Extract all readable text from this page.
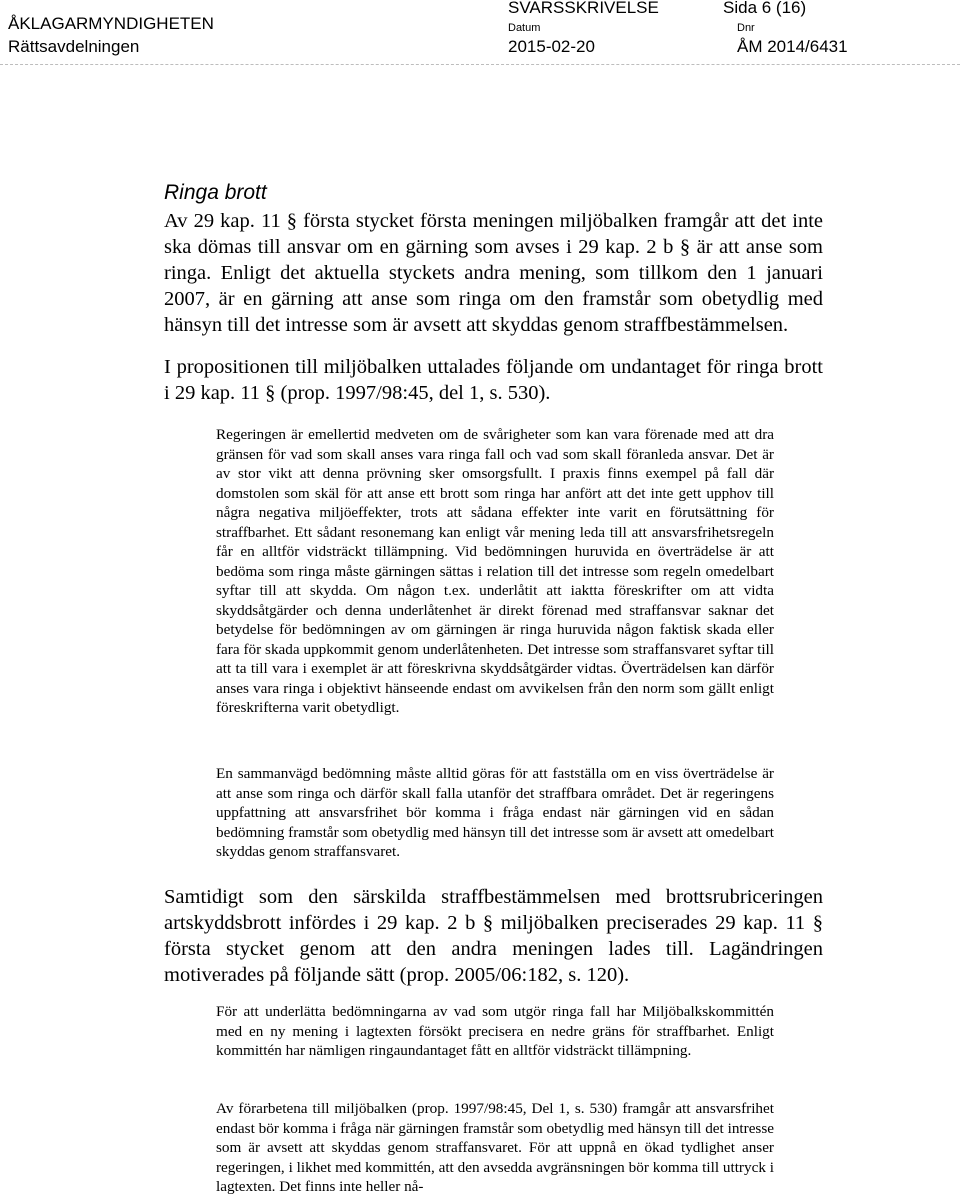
ÅKLAGARMYNDIGHETEN
Rättsavdelningen
SVARSSKRIVELSE	Sida 6 (16)
Datum
2015-02-20
Dnr
ÅM 2014/6431
Ringa brott
Av 29 kap. 11 § första stycket första meningen miljöbalken framgår att det inte ska dömas till ansvar om en gärning som avses i 29 kap. 2 b § är att anse som ringa. Enligt det aktuella styckets andra mening, som tillkom den 1 januari 2007, är en gärning att anse som ringa om den framstår som obetydlig med hänsyn till det intresse som är avsett att skyddas genom straffbestämmelsen.
I propositionen till miljöbalken uttalades följande om undantaget för ringa brott i 29 kap. 11 § (prop. 1997/98:45, del 1, s. 530).
Regeringen är emellertid medveten om de svårigheter som kan vara förenade med att dra gränsen för vad som skall anses vara ringa fall och vad som skall föranleda ansvar. Det är av stor vikt att denna prövning sker omsorgsfullt. I praxis finns exempel på fall där domstolen som skäl för att anse ett brott som ringa har anfört att det inte gett upphov till några negativa miljöeffekter, trots att sådana effekter inte varit en förutsättning för straffbarhet. Ett sådant resonemang kan enligt vår mening leda till att ansvarsfrihetsregeln får en alltför vidsträckt tillämpning. Vid bedömningen huruvida en överträdelse är att bedöma som ringa måste gärningen sättas i relation till det intresse som regeln omedelbart syftar till att skydda. Om någon t.ex. underlåtit att iaktta föreskrifter om att vidta skyddsåtgärder och denna underlåtenhet är direkt förenad med straffansvar saknar det betydelse för bedömningen av om gärningen är ringa huruvida någon faktisk skada eller fara för skada uppkommit genom underlåtenheten. Det intresse som straffansvaret syftar till att ta till vara i exemplet är att föreskrivna skyddsåtgärder vidtas. Överträdelsen kan därför anses vara ringa i objektivt hänseende endast om avvikelsen från den norm som gällt enligt föreskrifterna varit obetydligt.
En sammanvägd bedömning måste alltid göras för att fastställa om en viss överträdelse är att anse som ringa och därför skall falla utanför det straffbara området. Det är regeringens uppfattning att ansvarsfrihet bör komma i fråga endast när gärningen vid en sådan bedömning framstår som obetydlig med hänsyn till det intresse som är avsett att omedelbart skyddas genom straffansvaret.
Samtidigt som den särskilda straffbestämmelsen med brottsrubriceringen artskyddsbrott infördes i 29 kap. 2 b § miljöbalken preciserades 29 kap. 11 § första stycket genom att den andra meningen lades till. Lagändringen motiverades på följande sätt (prop. 2005/06:182, s. 120).
För att underlätta bedömningarna av vad som utgör ringa fall har Miljöbalkskommittén med en ny mening i lagtexten försökt precisera en nedre gräns för straffbarhet. Enligt kommittén har nämligen ringaundantaget fått en alltför vidsträckt tillämpning.
Av förarbetena till miljöbalken (prop. 1997/98:45, Del 1, s. 530) framgår att ansvarsfrihet endast bör komma i fråga när gärningen framstår som obetydlig med hänsyn till det intresse som är avsett att skyddas genom straffansvaret. För att uppnå en ökad tydlighet anser regeringen, i likhet med kommittén, att den avsedda avgränsningen bör komma till uttryck i lagtexten. Det finns inte heller nå-
